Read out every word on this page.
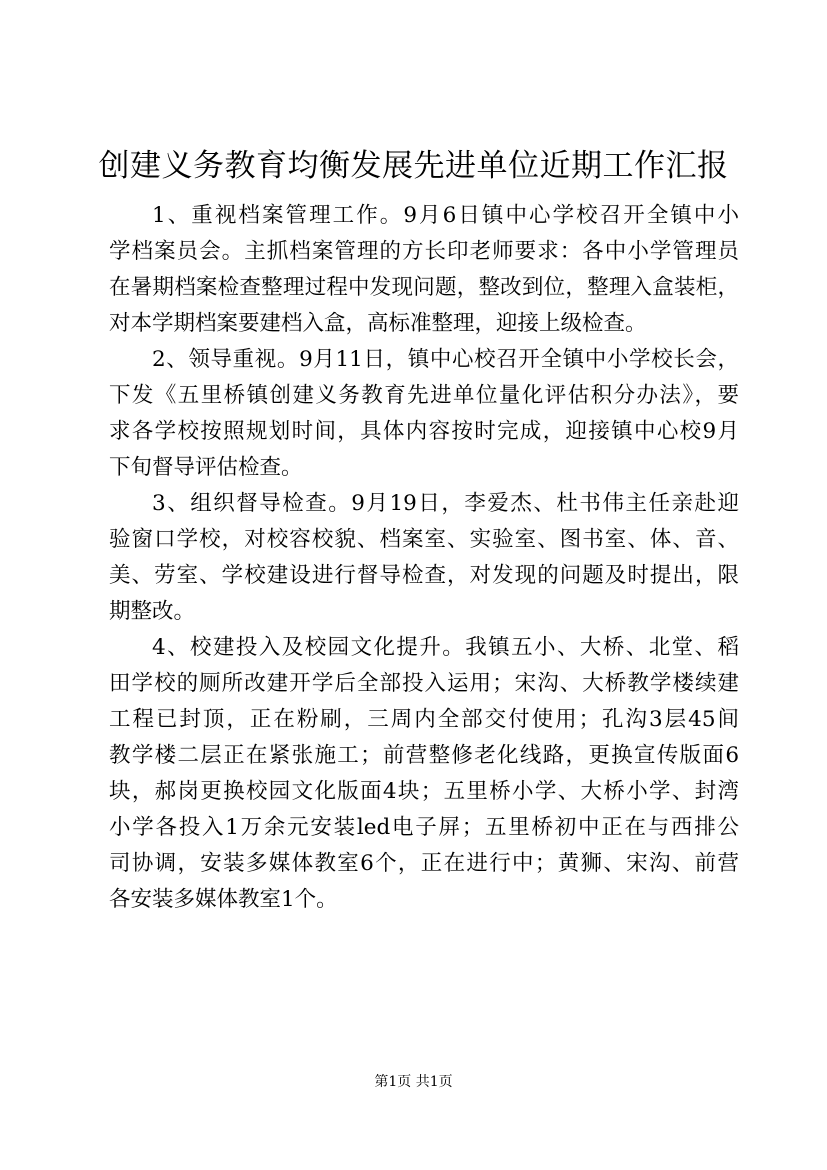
创建义务教育均衡发展先进单位近期工作汇报
1、重视档案管理工作。9月6日镇中心学校召开全镇中小
学档案员会。主抓档案管理的方长印老师要求：各中小学管理员
在暑期档案检查整理过程中发现问题，整改到位，整理入盒装柜，
对本学期档案要建档入盒，高标准整理，迎接上级检查。
2、领导重视。9月11日，镇中心校召开全镇中小学校长会，
下发《五里桥镇创建义务教育先进单位量化评估积分办法》，要
求各学校按照规划时间，具体内容按时完成，迎接镇中心校9月
下旬督导评估检查。
3、组织督导检查。9月19日，李爱杰、杜书伟主任亲赴迎
验窗口学校，对校容校貌、档案室、实验室、图书室、体、音、
美、劳室、学校建设进行督导检查，对发现的问题及时提出，限
期整改。
4、校建投入及校园文化提升。我镇五小、大桥、北堂、稻
田学校的厕所改建开学后全部投入运用；宋沟、大桥教学楼续建
工程已封顶，正在粉刷，三周内全部交付使用；孔沟3层45间
教学楼二层正在紧张施工；前营整修老化线路，更换宣传版面6
块，郝岗更换校园文化版面4块；五里桥小学、大桥小学、封湾
小学各投入1万余元安装led电子屏；五里桥初中正在与西排公
司协调，安装多媒体教室6个，正在进行中；黄狮、宋沟、前营
各安装多媒体教室1个。
第1页 共1页
